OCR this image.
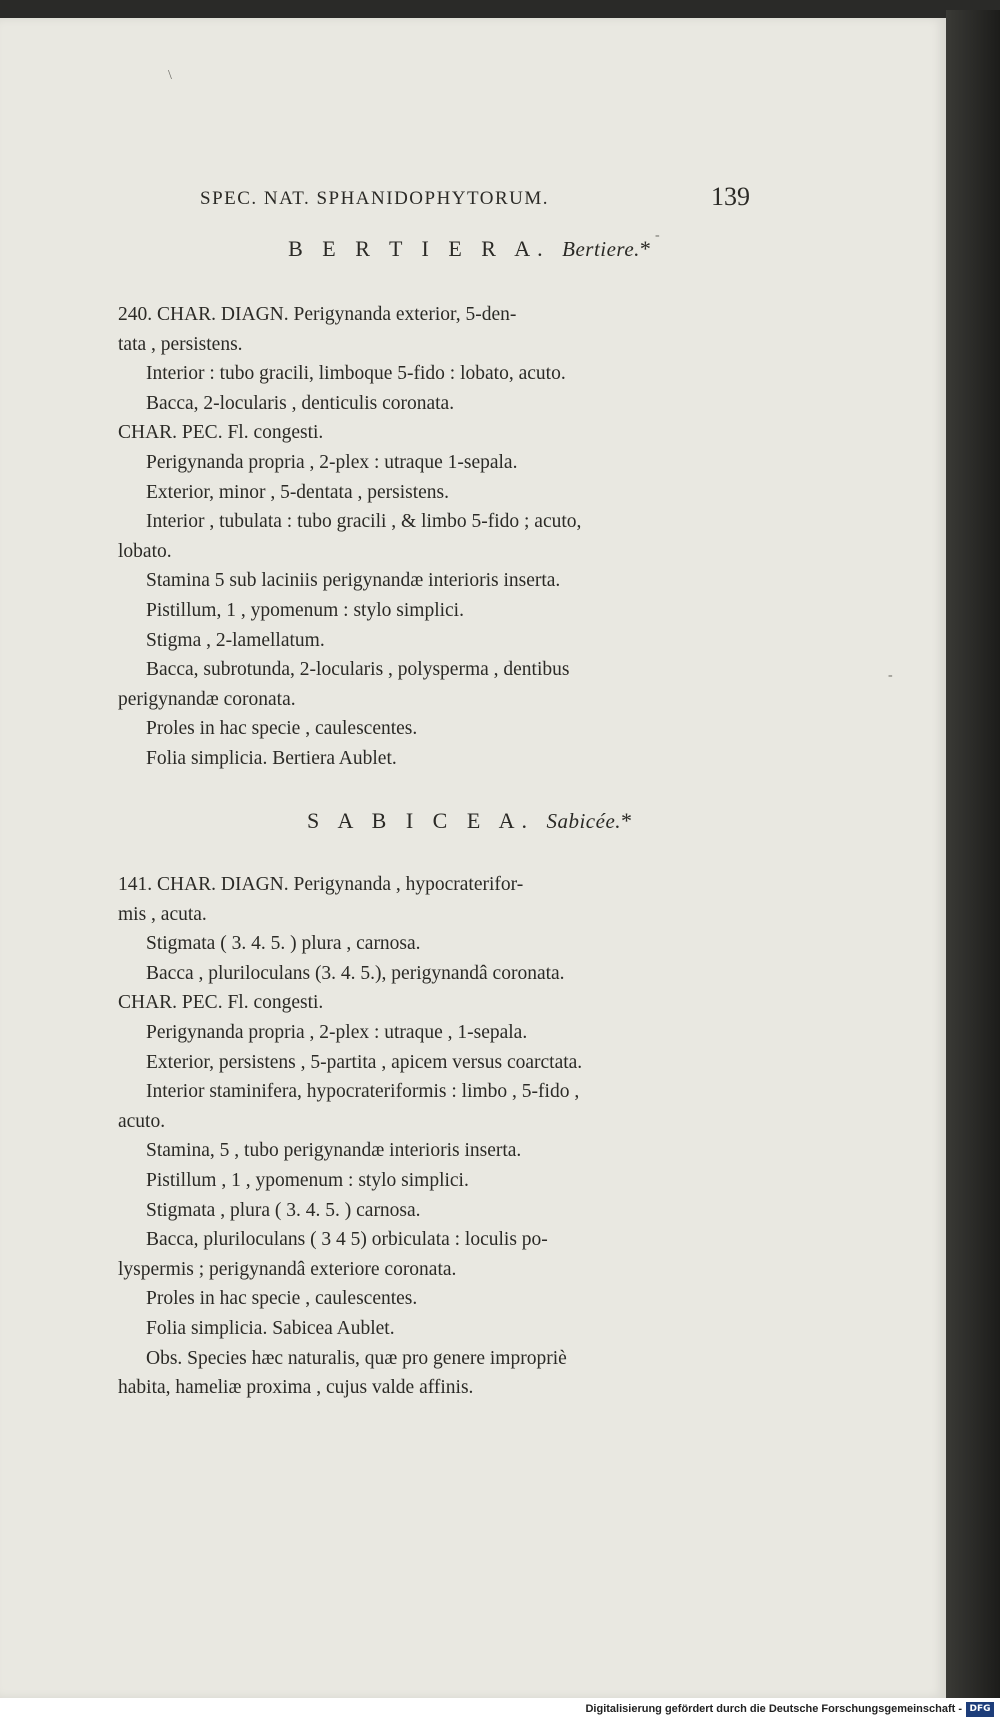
SPEC. NAT. SPHANIDOPHYTORUM.	139
B E R T I E R A. Bertiere.*
240. CHAR. DIAGN. Perigynanda exterior, 5-den-
tata , persistens.
Interior : tubo gracili, limboque 5-fido : lobato, acuto.
Bacca, 2-locularis , denticulis coronata.
CHAR. PEC. Fl. congesti.
Perigynanda propria , 2-plex : utraque 1-sepala.
Exterior, minor , 5-dentata , persistens.
Interior , tubulata : tubo gracili , & limbo 5-fido ; acuto,
lobato.
Stamina 5 sub laciniis perigynandæ interioris inserta.
Pistillum, 1 , ypomenum : stylo simplici.
Stigma , 2-lamellatum.
Bacca, subrotunda, 2-locularis , polysperma , dentibus
perigynandæ coronata.
Proles in hac specie , caulescentes.
Folia simplicia. Bertiera Aublet.
S A B I C E A. Sabicée.*
141. CHAR. DIAGN. Perigynanda , hypocraterifor-
mis , acuta.
Stigmata ( 3. 4. 5. ) plura , carnosa.
Bacca , pluriloculans (3. 4. 5.), perigynandâ coronata.
CHAR. PEC. Fl. congesti.
Perigynanda propria , 2-plex : utraque , 1-sepala.
Exterior, persistens , 5-partita , apicem versus coarctata.
Interior staminifera, hypocrateriformis : limbo , 5-fido ,
acuto.
Stamina, 5 , tubo perigynandæ interioris inserta.
Pistillum , 1 , ypomenum : stylo simplici.
Stigmata , plura ( 3. 4. 5. ) carnosa.
Bacca, pluriloculans ( 3 4 5) orbiculata : loculis po-
lyspermis ; perigynandâ exteriore coronata.
Proles in hac specie , caulescentes.
Folia simplicia. Sabicea Aublet.
Obs. Species hæc naturalis, quæ pro genere impropriè
habita, hameliæ proxima , cujus valde affinis.
\
-
-
Digitalisierung gefördert durch die Deutsche Forschungsgemeinschaft - DFG
